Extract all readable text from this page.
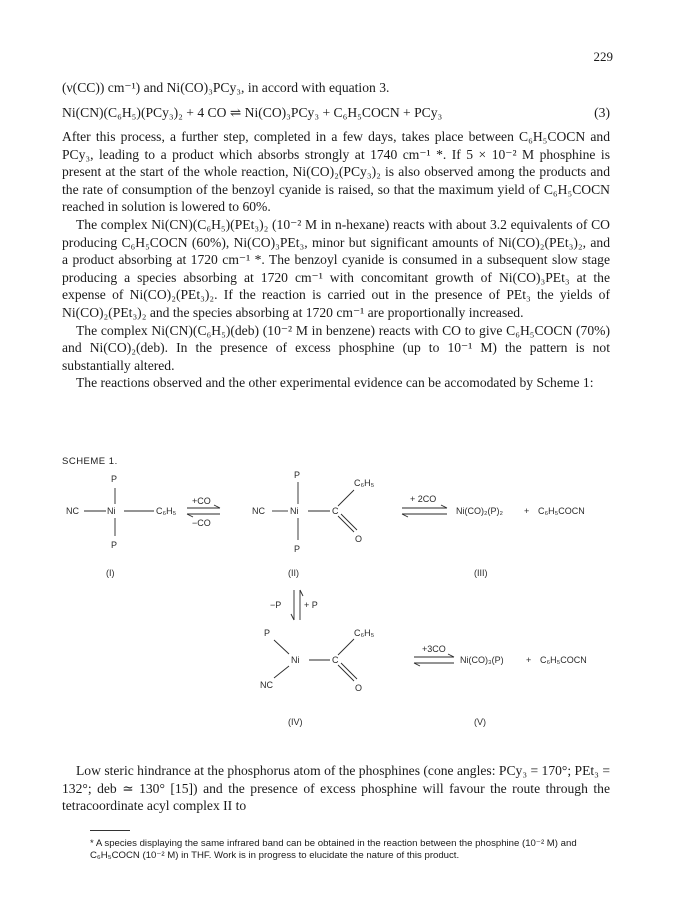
229

(ν(CC)) cm⁻¹) and Ni(CO)₃PCy₃, in accord with equation 3.

Ni(CN)(C₆H₅)(PCy₃)₂ + 4 CO ⇌ Ni(CO)₃PCy₃ + C₆H₅COCN + PCy₃	(3)

After this process, a further step, completed in a few days, takes place between C₆H₅COCN and PCy₃, leading to a product which absorbs strongly at 1740 cm⁻¹ *. If 5 × 10⁻² M phosphine is present at the start of the whole reaction, Ni(CO)₂(PCy₃)₂ is also observed among the products and the rate of consumption of the benzoyl cyanide is raised, so that the maximum yield of C₆H₅COCN reached in solution is lowered to 60%.

The complex Ni(CN)(C₆H₅)(PEt₃)₂ (10⁻² M in n-hexane) reacts with about 3.2 equivalents of CO producing C₆H₅COCN (60%), Ni(CO)₃PEt₃, minor but significant amounts of Ni(CO)₂(PEt₃)₂, and a product absorbing at 1720 cm⁻¹ *. The benzoyl cyanide is consumed in a subsequent slow stage producing a species absorbing at 1720 cm⁻¹ with concomitant growth of Ni(CO)₃PEt₃ at the expense of Ni(CO)₂(PEt₃)₂. If the reaction is carried out in the presence of PEt₃ the yields of Ni(CO)₂(PEt₃)₂ and the species absorbing at 1720 cm⁻¹ are proportionally increased.

The complex Ni(CN)(C₆H₅)(deb) (10⁻² M in benzene) reacts with CO to give C₆H₅COCN (70%) and Ni(CO)₂(deb). In the presence of excess phosphine (up to 10⁻¹ M) the pattern is not substantially altered.

The reactions observed and the other experimental evidence can be accomodated by Scheme 1:

SCHEME 1.
P
Ni
NC	C₆H₅
P
(I)
+CO
−CO
P
NC	Ni	C
C₆H₅
O
P
(II)
+ 2CO
Ni(CO)₂(P)₂ + C₆H₅COCN
(III)
−P	+ P
P
Ni
NC
C
C₆H₅
O
(IV)
+3CO
Ni(CO)₃(P) + C₆H₅COCN
(V)

Low steric hindrance at the phosphorus atom of the phosphines (cone angles: PCy₃ = 170°; PEt₃ = 132°; deb ≃ 130° [15]) and the presence of excess phosphine will favour the route through the tetracoordinate acyl complex II to

* A species displaying the same infrared band can be obtained in the reaction between the phosphine (10⁻² M) and C₆H₅COCN (10⁻² M) in THF. Work is in progress to elucidate the nature of this product.
